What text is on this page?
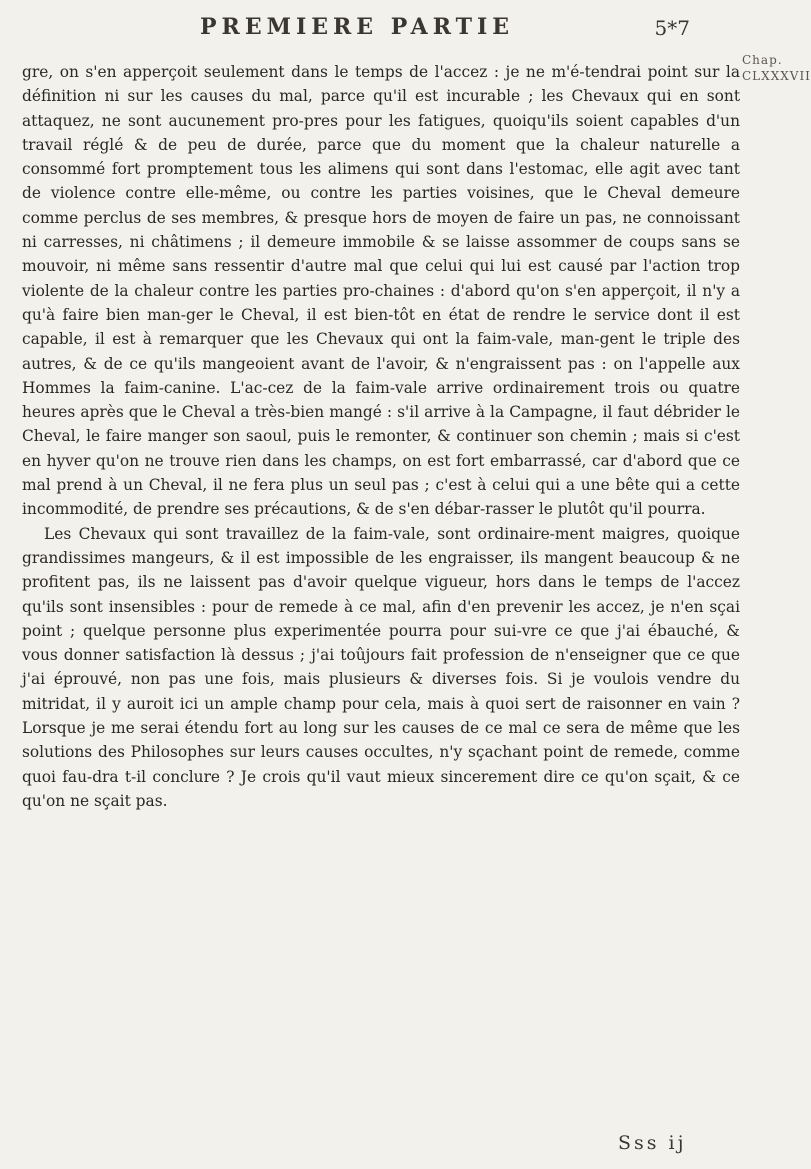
PREMIERE PARTIE	5*7
Chap.
CLXXXVII

gre, on s'en apperçoit seulement dans le temps de l'accez : je ne m'é-tendrai point sur la définition ni sur les causes du mal, parce qu'il est incurable ; les Chevaux qui en sont attaquez, ne sont aucunement pro-pres pour les fatigues, quoiqu'ils soient capables d'un travail réglé & de peu de durée, parce que du moment que la chaleur naturelle a consommé fort promptement tous les alimens qui sont dans l'estomac, elle agit avec tant de violence contre elle-même, ou contre les parties voisines, que le Cheval demeure comme perclus de ses membres, & presque hors de moyen de faire un pas, ne connoissant ni carresses, ni châtimens ; il demeure immobile & se laisse assommer de coups sans se mouvoir, ni même sans ressentir d'autre mal que celui qui lui est causé par l'action trop violente de la chaleur contre les parties pro-chaines : d'abord qu'on s'en apperçoit, il n'y a qu'à faire bien man-ger le Cheval, il est bien-tôt en état de rendre le service dont il est capable, il est à remarquer que les Chevaux qui ont la faim-vale, man-gent le triple des autres, & de ce qu'ils mangeoient avant de l'avoir, & n'engraissent pas : on l'appelle aux Hommes la faim-canine. L'ac-cez de la faim-vale arrive ordinairement trois ou quatre heures après que le Cheval a très-bien mangé : s'il arrive à la Campagne, il faut débrider le Cheval, le faire manger son saoul, puis le remonter, & continuer son chemin ; mais si c'est en hyver qu'on ne trouve rien dans les champs, on est fort embarrassé, car d'abord que ce mal prend à un Cheval, il ne fera plus un seul pas ; c'est à celui qui a une bête qui a cette incommodité, de prendre ses précautions, & de s'en débar-rasser le plutôt qu'il pourra.

Les Chevaux qui sont travaillez de la faim-vale, sont ordinaire-ment maigres, quoique grandissimes mangeurs, & il est impossible de les engraisser, ils mangent beaucoup & ne profitent pas, ils ne laissent pas d'avoir quelque vigueur, hors dans le temps de l'accez qu'ils sont insensibles : pour de remede à ce mal, afin d'en prevenir les accez, je n'en sçai point ; quelque personne plus experimentée pourra pour sui-vre ce que j'ai ébauché, & vous donner satisfaction là dessus ; j'ai toûjours fait profession de n'enseigner que ce que j'ai éprouvé, non pas une fois, mais plusieurs & diverses fois. Si je voulois vendre du mitridat, il y auroit ici un ample champ pour cela, mais à quoi sert de raisonner en vain ? Lorsque je me serai étendu fort au long sur les causes de ce mal ce sera de même que les solutions des Philosophes sur leurs causes occultes, n'y sçachant point de remede, comme quoi fau-dra t-il conclure ? Je crois qu'il vaut mieux sincerement dire ce qu'on sçait, & ce qu'on ne sçait pas.

Sss ij
